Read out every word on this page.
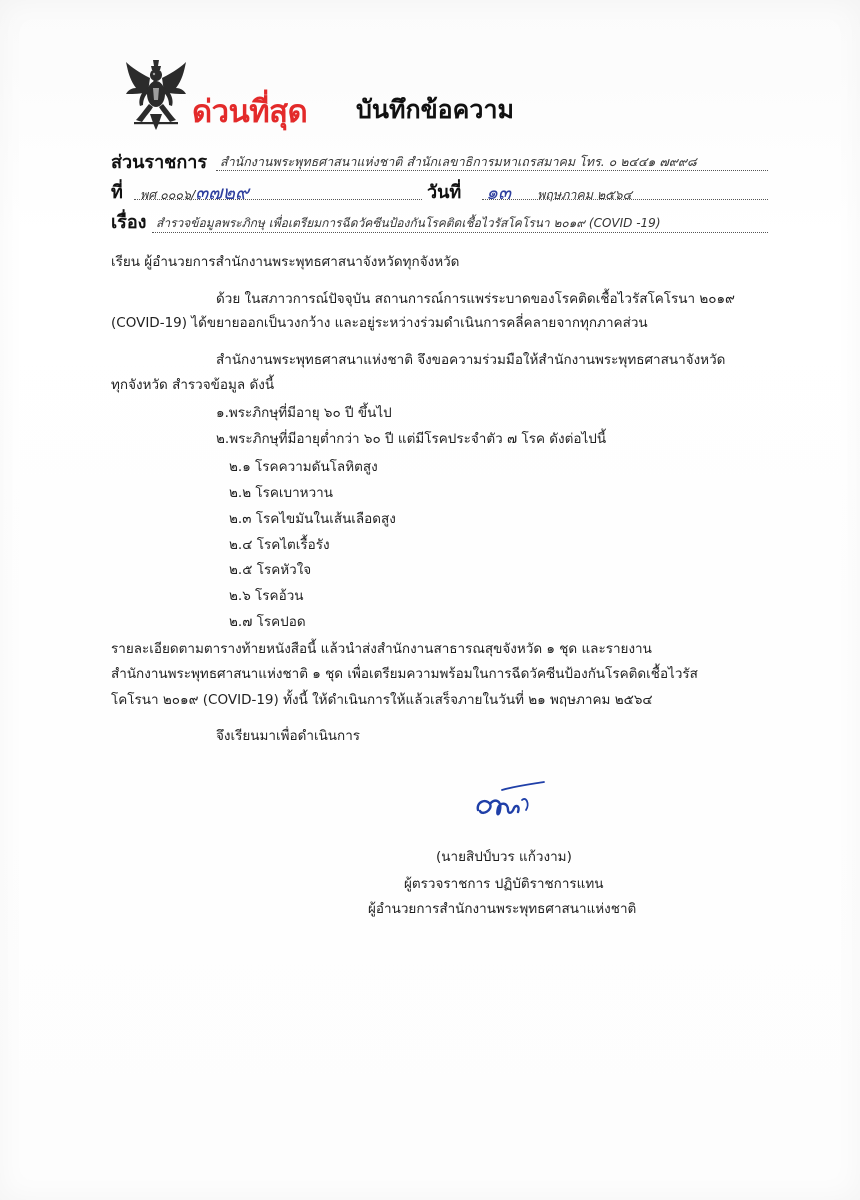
ด่วนที่สุด บันทึกข้อความ
ส่วนราชการ สำนักงานพระพุทธศาสนาแห่งชาติ สำนักเลขาธิการมหาเถรสมาคม โทร. ๐ ๒๔๔๑ ๗๙๙๘
ที่ พศ ๐๐๐๖/๓๗๒๙	วันที่ ๑๓ พฤษภาคม ๒๕๖๔
เรื่อง สำรวจข้อมูลพระภิกษุ เพื่อเตรียมการฉีดวัคซีนป้องกันโรคติดเชื้อไวรัสโคโรนา ๒๐๑๙ (COVID -19)
เรียน ผู้อำนวยการสำนักงานพระพุทธศาสนาจังหวัดทุกจังหวัด
ด้วย ในสภาวการณ์ปัจจุบัน สถานการณ์การแพร่ระบาดของโรคติดเชื้อไวรัสโคโรนา ๒๐๑๙
(COVID-19) ได้ขยายออกเป็นวงกว้าง และอยู่ระหว่างร่วมดำเนินการคลี่คลายจากทุกภาคส่วน
สำนักงานพระพุทธศาสนาแห่งชาติ จึงขอความร่วมมือให้สำนักงานพระพุทธศาสนาจังหวัด
ทุกจังหวัด สำรวจข้อมูล ดังนี้
๑.พระภิกษุที่มีอายุ ๖๐ ปี ขึ้นไป
๒.พระภิกษุที่มีอายุต่ำกว่า ๖๐ ปี แต่มีโรคประจำตัว ๗ โรค ดังต่อไปนี้
๒.๑ โรคความดันโลหิตสูง
๒.๒ โรคเบาหวาน
๒.๓ โรคไขมันในเส้นเลือดสูง
๒.๔ โรคไตเรื้อรัง
๒.๕ โรคหัวใจ
๒.๖ โรคอ้วน
๒.๗ โรคปอด
รายละเอียดตามตารางท้ายหนังสือนี้ แล้วนำส่งสำนักงานสาธารณสุขจังหวัด ๑ ชุด และรายงาน
สำนักงานพระพุทธศาสนาแห่งชาติ ๑ ชุด เพื่อเตรียมความพร้อมในการฉีดวัคซีนป้องกันโรคติดเชื้อไวรัส
โคโรนา ๒๐๑๙ (COVID-19) ทั้งนี้ ให้ดำเนินการให้แล้วเสร็จภายในวันที่ ๒๑ พฤษภาคม ๒๕๖๔
จึงเรียนมาเพื่อดำเนินการ
(นายสิปป์บวร แก้วงาม)
ผู้ตรวจราชการ ปฏิบัติราชการแทน
ผู้อำนวยการสำนักงานพระพุทธศาสนาแห่งชาติ
